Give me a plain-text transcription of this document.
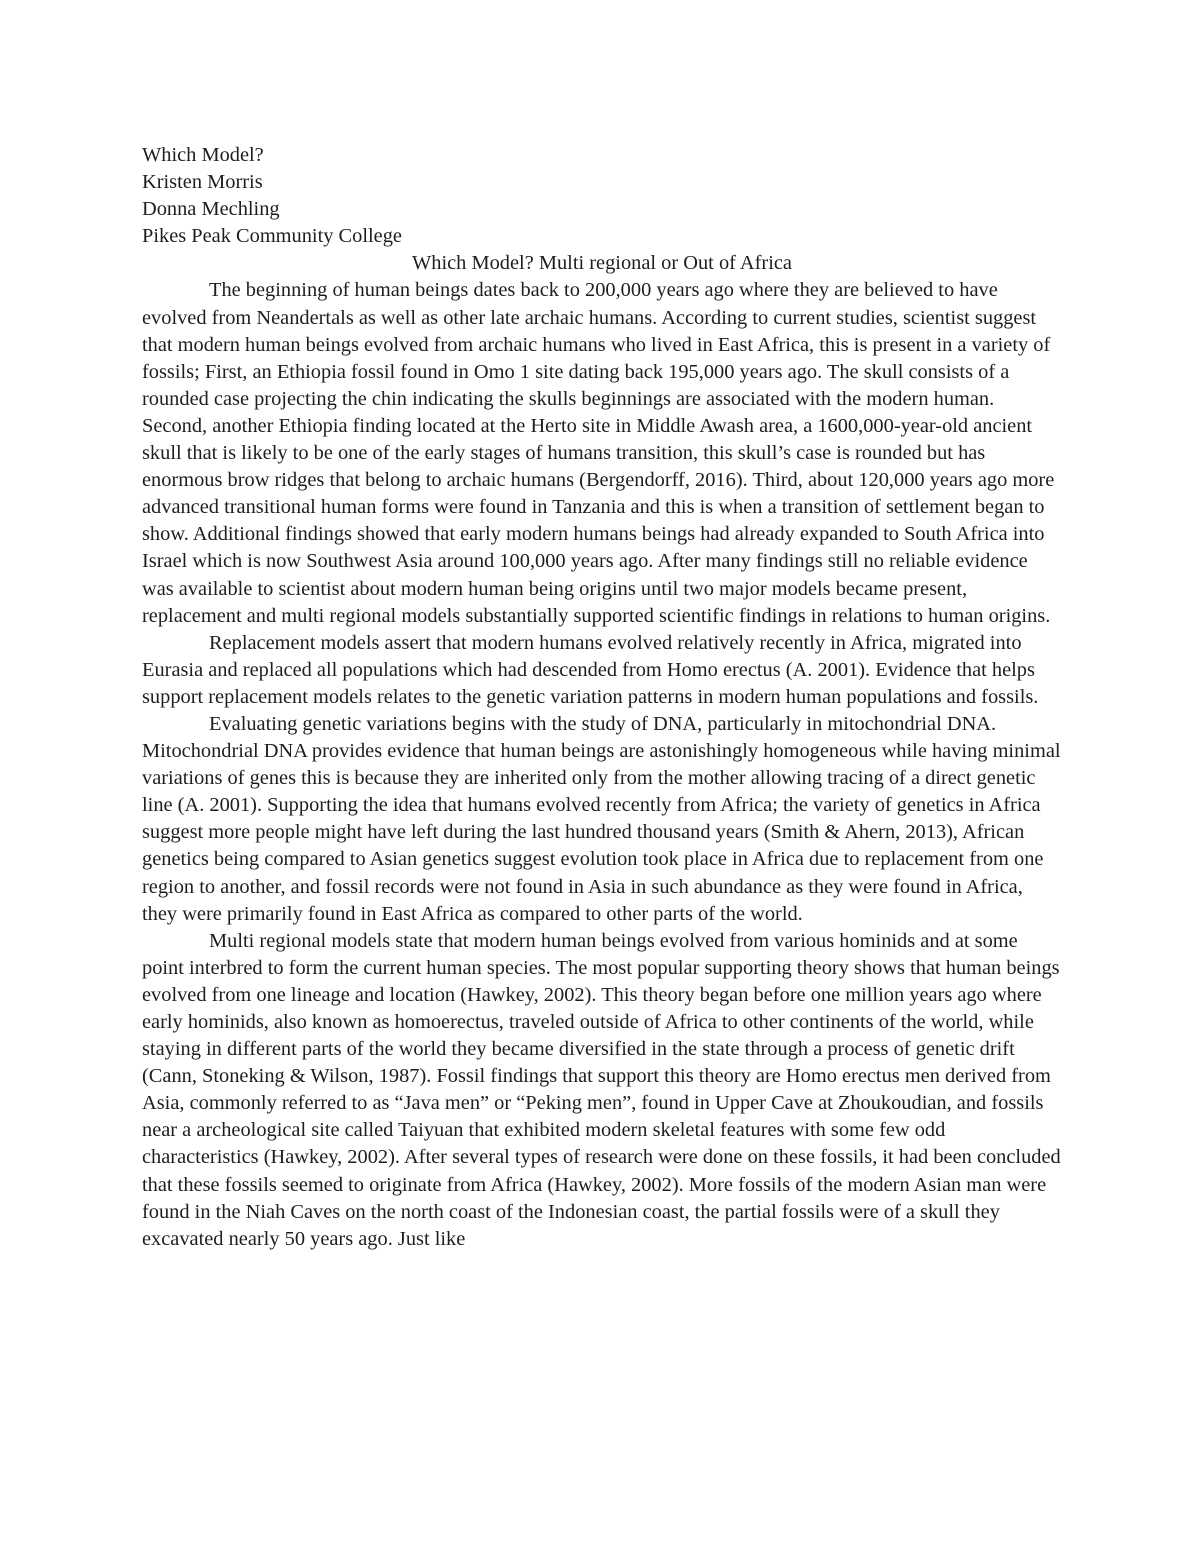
Which Model?
Kristen Morris
Donna Mechling
Pikes Peak Community College
Which Model? Multi regional or Out of Africa

The beginning of human beings dates back to 200,000 years ago where they are believed to have evolved from Neandertals as well as other late archaic humans. According to current studies, scientist suggest that modern human beings evolved from archaic humans who lived in East Africa, this is present in a variety of fossils; First, an Ethiopia fossil found in Omo 1 site dating back 195,000 years ago. The skull consists of a rounded case projecting the chin indicating the skulls beginnings are associated with the modern human. Second, another Ethiopia finding located at the Herto site in Middle Awash area, a 1600,000-year-old ancient skull that is likely to be one of the early stages of humans transition, this skull’s case is rounded but has enormous brow ridges that belong to archaic humans (Bergendorff, 2016). Third, about 120,000 years ago more advanced transitional human forms were found in Tanzania and this is when a transition of settlement began to show. Additional findings showed that early modern humans beings had already expanded to South Africa into Israel which is now Southwest Asia around 100,000 years ago. After many findings still no reliable evidence was available to scientist about modern human being origins until two major models became present, replacement and multi regional models substantially supported scientific findings in relations to human origins.

Replacement models assert that modern humans evolved relatively recently in Africa, migrated into Eurasia and replaced all populations which had descended from Homo erectus (A. 2001). Evidence that helps support replacement models relates to the genetic variation patterns in modern human populations and fossils.

Evaluating genetic variations begins with the study of DNA, particularly in mitochondrial DNA. Mitochondrial DNA provides evidence that human beings are astonishingly homogeneous while having minimal variations of genes this is because they are inherited only from the mother allowing tracing of a direct genetic line (A. 2001). Supporting the idea that humans evolved recently from Africa; the variety of genetics in Africa suggest more people might have left during the last hundred thousand years (Smith & Ahern, 2013), African genetics being compared to Asian genetics suggest evolution took place in Africa due to replacement from one region to another, and fossil records were not found in Asia in such abundance as they were found in Africa, they were primarily found in East Africa as compared to other parts of the world.

Multi regional models state that modern human beings evolved from various hominids and at some point interbred to form the current human species. The most popular supporting theory shows that human beings evolved from one lineage and location (Hawkey, 2002). This theory began before one million years ago where early hominids, also known as homoerectus, traveled outside of Africa to other continents of the world, while staying in different parts of the world they became diversified in the state through a process of genetic drift (Cann, Stoneking & Wilson, 1987). Fossil findings that support this theory are Homo erectus men derived from Asia, commonly referred to as “Java men” or “Peking men”, found in Upper Cave at Zhoukoudian, and fossils near a archeological site called Taiyuan that exhibited modern skeletal features with some few odd characteristics (Hawkey, 2002). After several types of research were done on these fossils, it had been concluded that these fossils seemed to originate from Africa (Hawkey, 2002). More fossils of the modern Asian man were found in the Niah Caves on the north coast of the Indonesian coast, the partial fossils were of a skull they excavated nearly 50 years ago. Just like
